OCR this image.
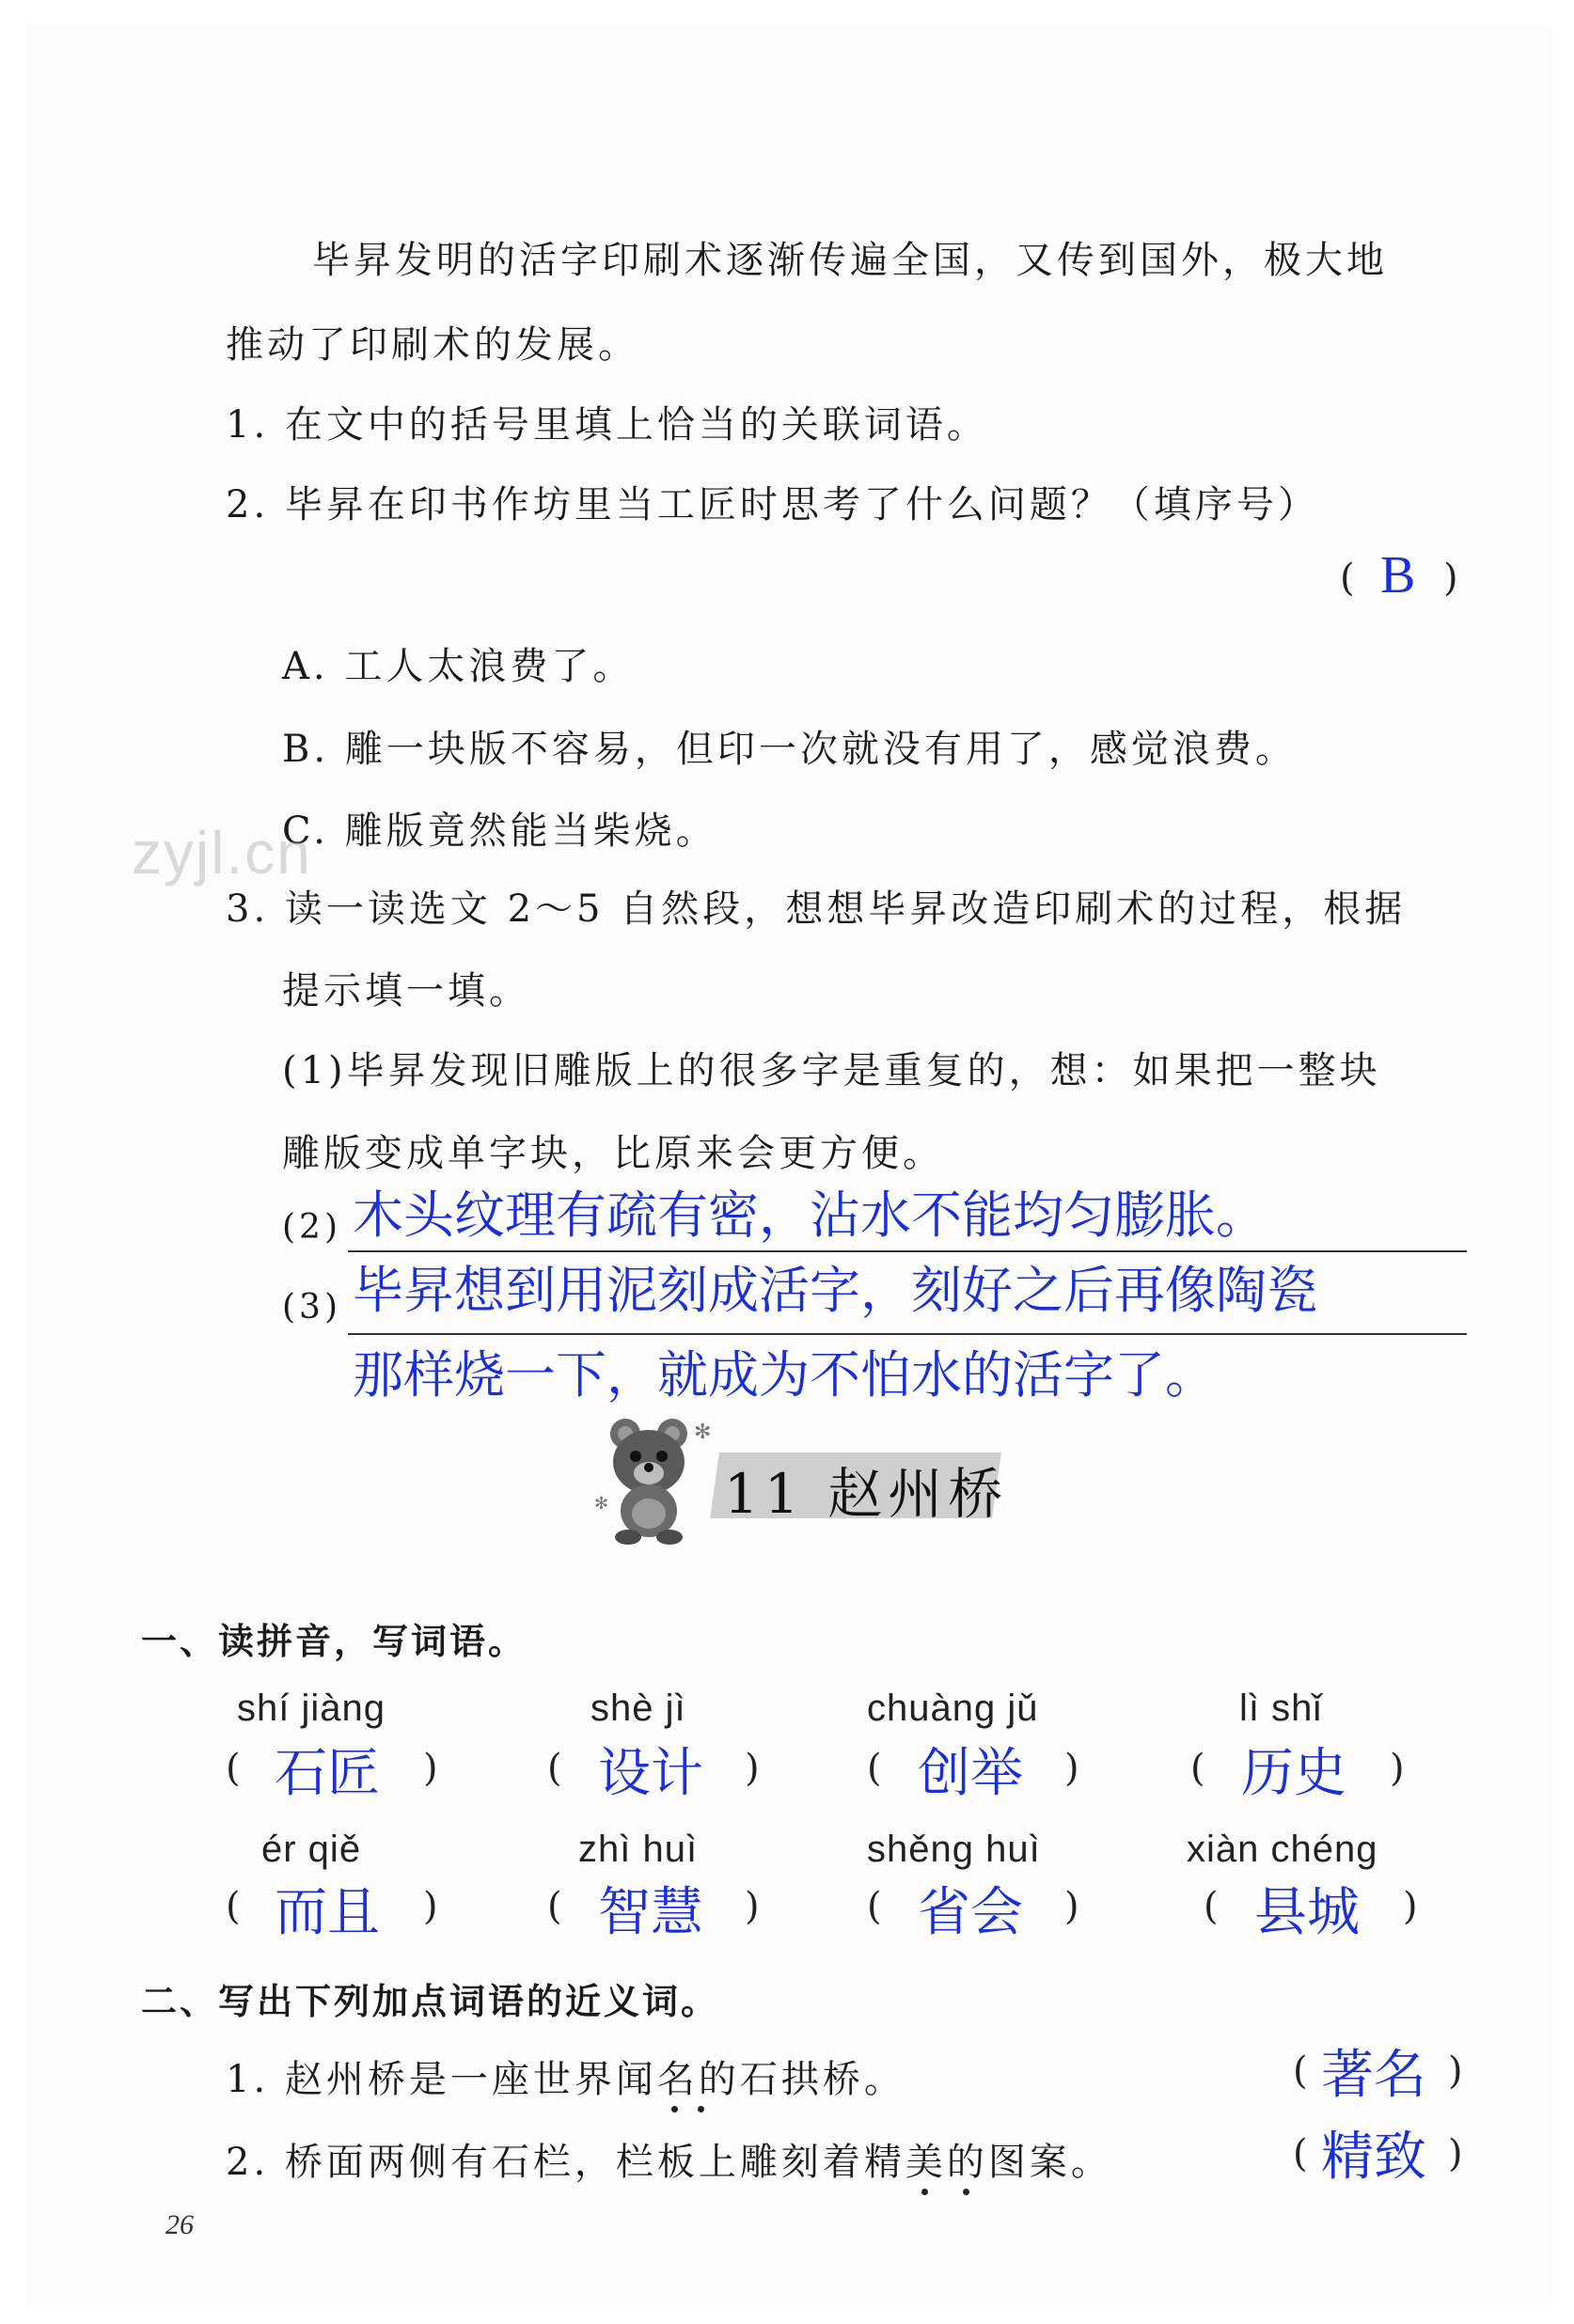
毕昇发明的活字印刷术逐渐传遍全国，又传到国外，极大地
推动了印刷术的发展。
1. 在文中的括号里填上恰当的关联词语。
2. 毕昇在印书作坊里当工匠时思考了什么问题？（填序号）
( B )
A. 工人太浪费了。
B. 雕一块版不容易，但印一次就没有用了，感觉浪费。
C. 雕版竟然能当柴烧。
zyjl.cn
3. 读一读选文 2～5 自然段，想想毕昇改造印刷术的过程，根据
提示填一填。
(1)毕昇发现旧雕版上的很多字是重复的，想：如果把一整块
雕版变成单字块，比原来会更方便。
(2) 木头纹理有疏有密，沾水不能均匀膨胀。
(3) 毕昇想到用泥刻成活字，刻好之后再像陶瓷
那样烧一下，就成为不怕水的活字了。
✻
✻ 11 赵州桥
一、读拼音，写词语。
shí jiàng	shè jì	chuàng jǔ	lì shǐ
( 石匠 )	( 设计 )	( 创举 )	( 历史 )
ér qiě	zhì huì	shěng huì	xiàn chéng
( 而且 )	( 智慧 )	( 省会 )	( 县城 )
二、写出下列加点词语的近义词。
1. 赵州桥是一座世界闻名的石拱桥。	( 著名 )
2. 桥面两侧有石栏，栏板上雕刻着精美的图案。	( 精致 )
26
